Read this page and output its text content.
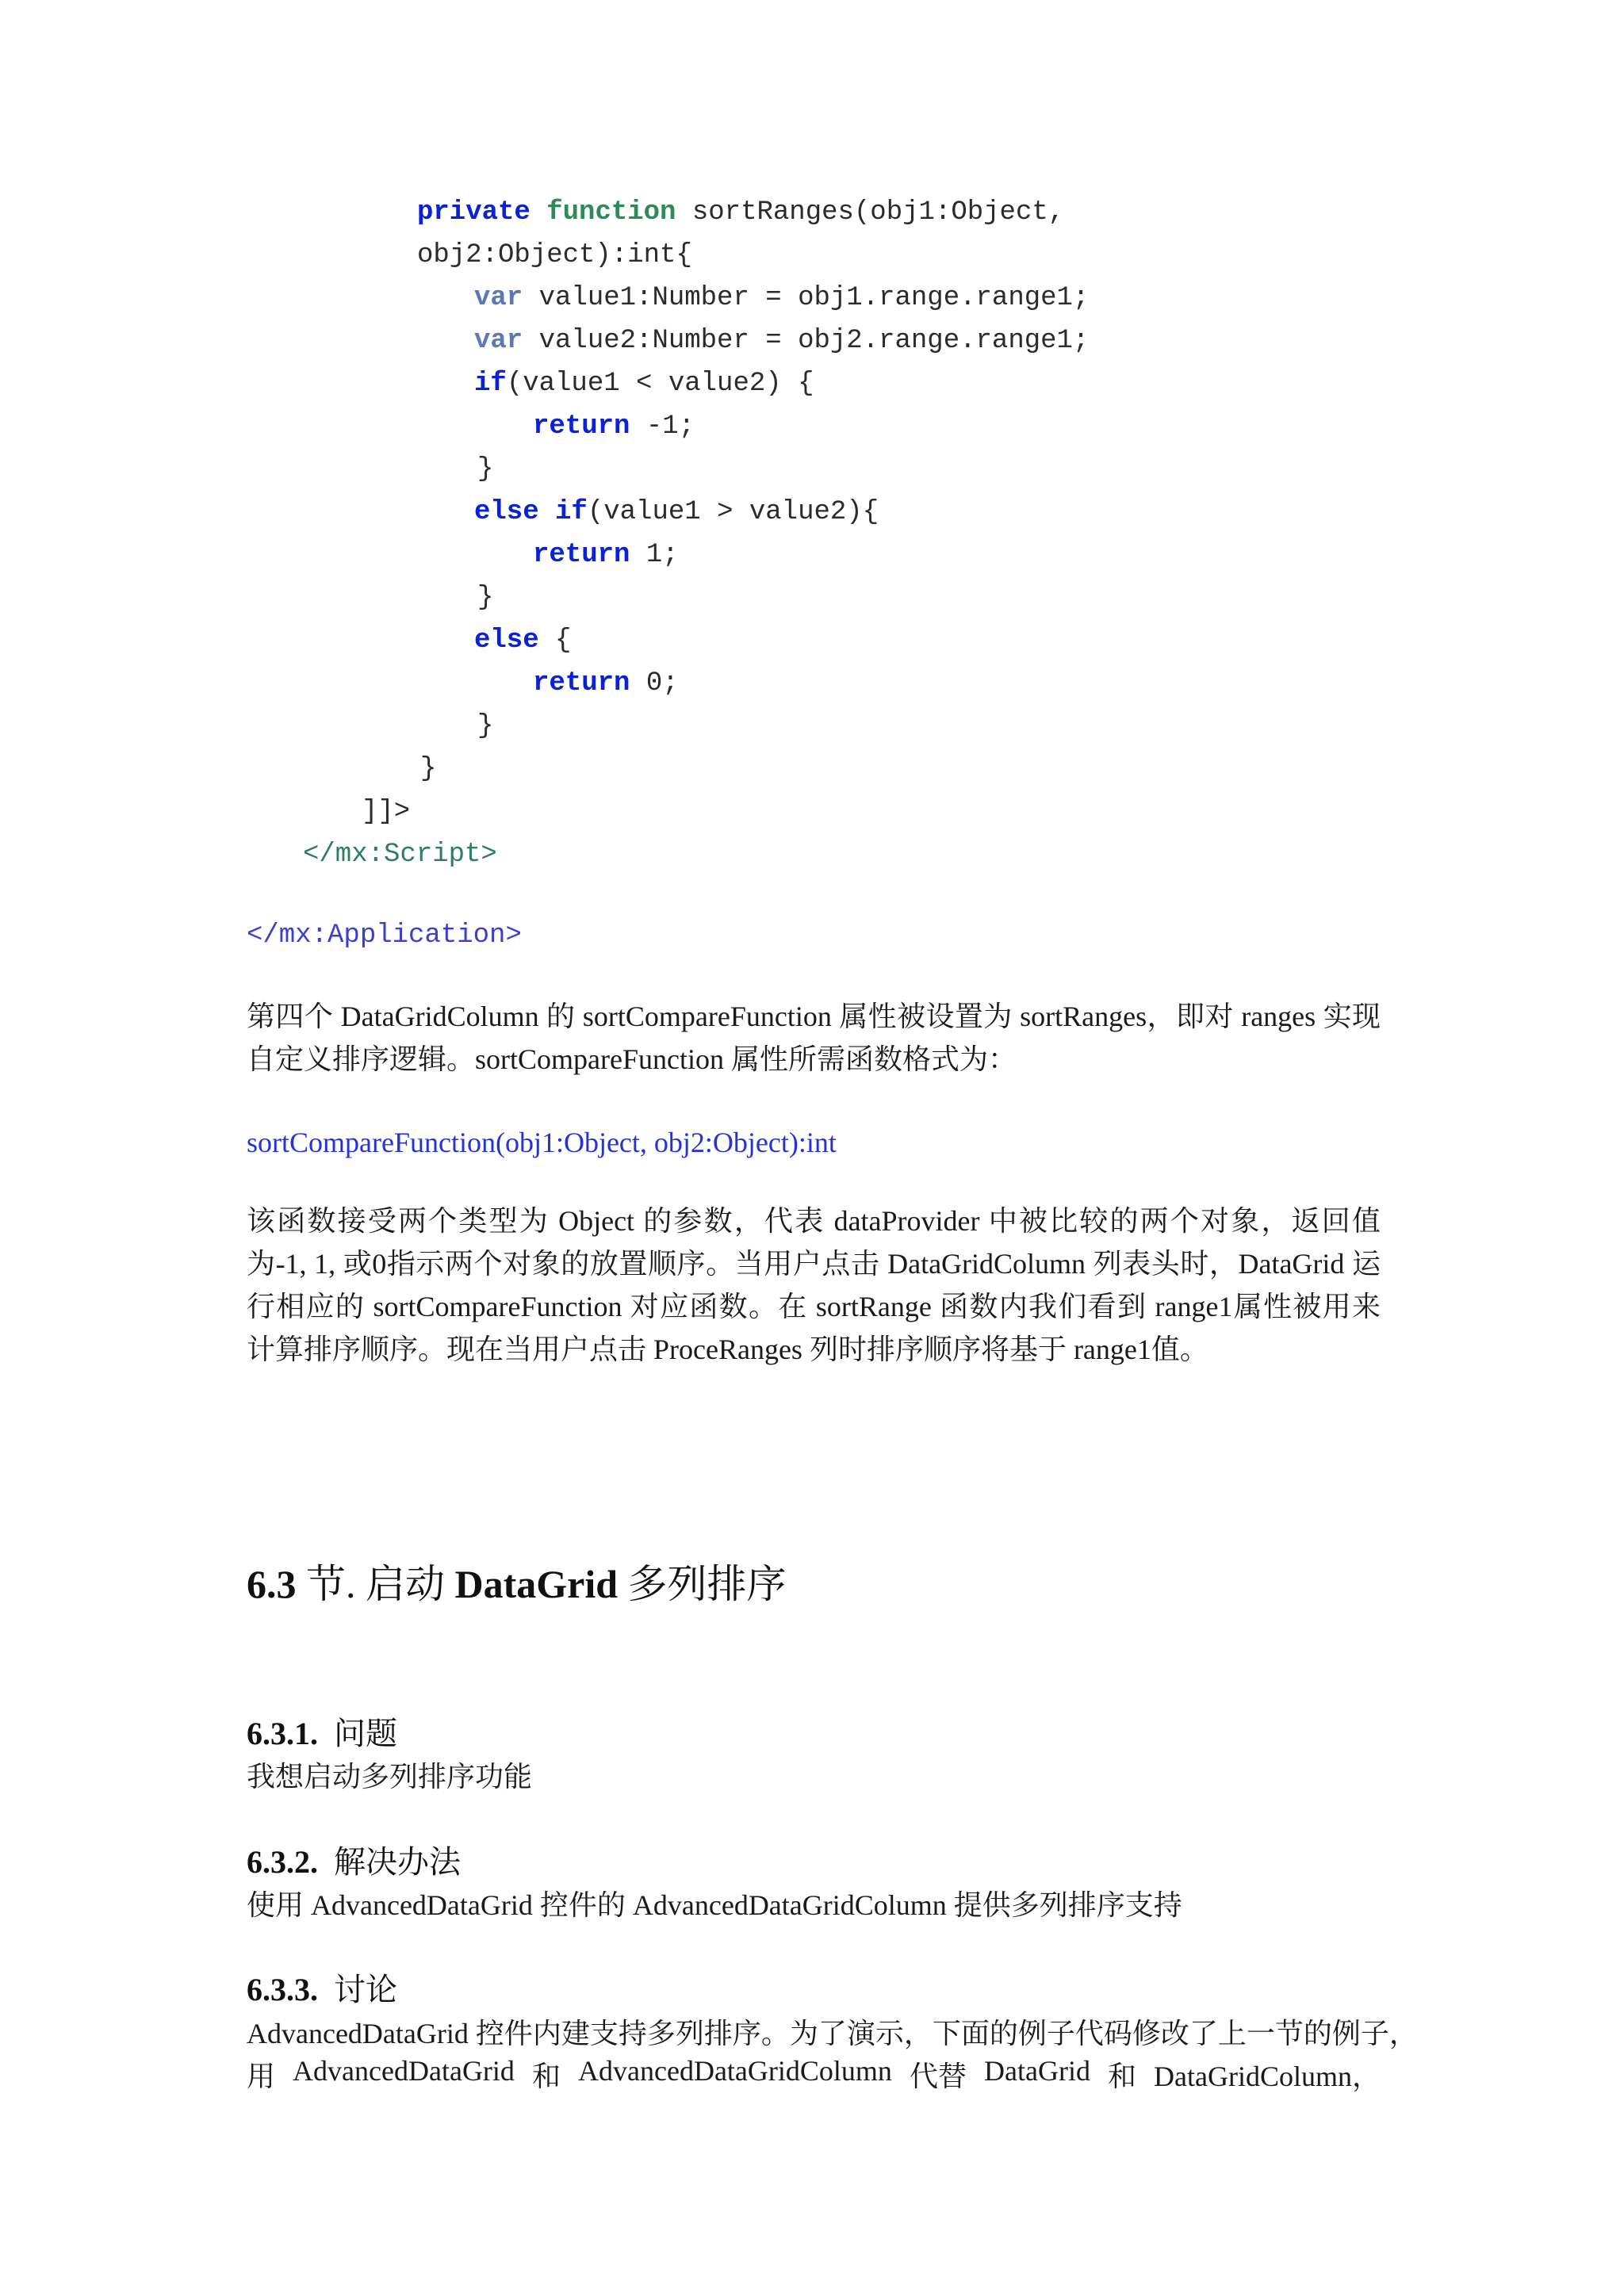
private function sortRanges(obj1:Object,
obj2:Object):int{
var value1:Number = obj1.range.range1;
var value2:Number = obj2.range.range1;
if(value1 < value2) {
return -1;
}
else if(value1 > value2){
return 1;
}
else {
return 0;
}
}
]]>
</mx:Script>
</mx:Application>
第四个 DataGridColumn 的 sortCompareFunction 属性被设置为 sortRanges，即对 ranges 实现自定义排序逻辑。sortCompareFunction 属性所需函数格式为：
sortCompareFunction(obj1:Object, obj2:Object):int
该函数接受两个类型为 Object 的参数，代表 dataProvider 中被比较的两个对象，返回值为-1, 1, 或0指示两个对象的放置顺序。当用户点击 DataGridColumn 列表头时，DataGrid 运行相应的 sortCompareFunction 对应函数。在 sortRange 函数内我们看到 range1属性被用来计算排序顺序。现在当用户点击 ProceRanges 列时排序顺序将基于 range1值。
6.3 节. 启动 DataGrid 多列排序
6.3.1.  问题
我想启动多列排序功能
6.3.2.  解决办法
使用 AdvancedDataGrid 控件的 AdvancedDataGridColumn 提供多列排序支持
6.3.3.  讨论
AdvancedDataGrid 控件内建支持多列排序。为了演示，下面的例子代码修改了上一节的例子，
用 AdvancedDataGrid 和 AdvancedDataGridColumn 代替 DataGrid 和 DataGridColumn，
